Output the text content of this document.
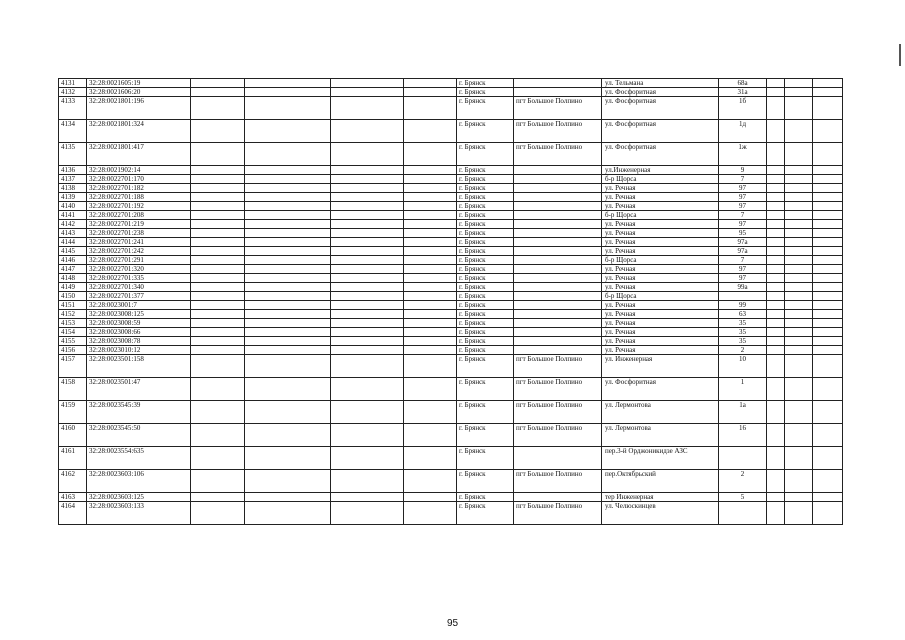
4131	32:28:0021605:19					г. Брянск		ул. Тельмана	68а			
4132	32:28:0021606:20					г. Брянск		ул. Фосфоритная	31а			
4133	32:28:0021801:196					г. Брянск	пгт Большое Полпино	ул. Фосфоритная	1б			
4134	32:28:0021801:324					г. Брянск	пгт Большое Полпино	ул. Фосфоритная	1д			
4135	32:28:0021801:417					г. Брянск	пгт Большое Полпино	ул. Фосфоритная	1ж			
4136	32:28:0021902:14					г. Брянск		ул.Инженерная	9			
4137	32:28:0022701:170					г. Брянск		б-р Щорса	7			
4138	32:28:0022701:182					г. Брянск		ул. Речная	97			
4139	32:28:0022701:188					г. Брянск		ул. Речная	97			
4140	32:28:0022701:192					г. Брянск		ул. Речная	97			
4141	32:28:0022701:208					г. Брянск		б-р Щорса	7			
4142	32:28:0022701:219					г. Брянск		ул. Речная	97			
4143	32:28:0022701:238					г. Брянск		ул. Речная	95			
4144	32:28:0022701:241					г. Брянск		ул. Речная	97а			
4145	32:28:0022701:242					г. Брянск		ул. Речная	97а			
4146	32:28:0022701:291					г. Брянск		б-р Щорса	7			
4147	32:28:0022701:320					г. Брянск		ул. Речная	97			
4148	32:28:0022701:335					г. Брянск		ул. Речная	97			
4149	32:28:0022701:340					г. Брянск		ул. Речная	99а			
4150	32:28:0022701:377					г. Брянск		б-р Щорса				
4151	32:28:0023001:7					г. Брянск		ул. Речная	99			
4152	32:28:0023008:125					г. Брянск		ул. Речная	63			
4153	32:28:0023008:59					г. Брянск		ул. Речная	35			
4154	32:28:0023008:66					г. Брянск		ул. Речная	35			
4155	32:28:0023008:78					г. Брянск		ул. Речная	35			
4156	32:28:0023010:12					г. Брянск		ул. Речная	2			
4157	32:28:0023501:158					г. Брянск	пгт Большое Полпино	ул. Инженерная	10			
4158	32:28:0023501:47					г. Брянск	пгт Большое Полпино	ул. Фосфоритная	1			
4159	32:28:0023545:39					г. Брянск	пгт Большое Полпино	ул. Лермонтова	1а			
4160	32:28:0023545:50					г. Брянск	пгт Большое Полпино	ул. Лермонтова	16			
4161	32:28:0023554:635					г. Брянск		пер.3-й Орджоникидзе АЗС				
4162	32:28:0023603:106					г. Брянск	пгт Большое Полпино	пер.Октябрьский	2			
4163	32:28:0023603:125					г. Брянск		тер Инженерная	5			
4164	32:28:0023603:133					г. Брянск	пгт Большое Полпино	ул. Челюскинцев				
95
